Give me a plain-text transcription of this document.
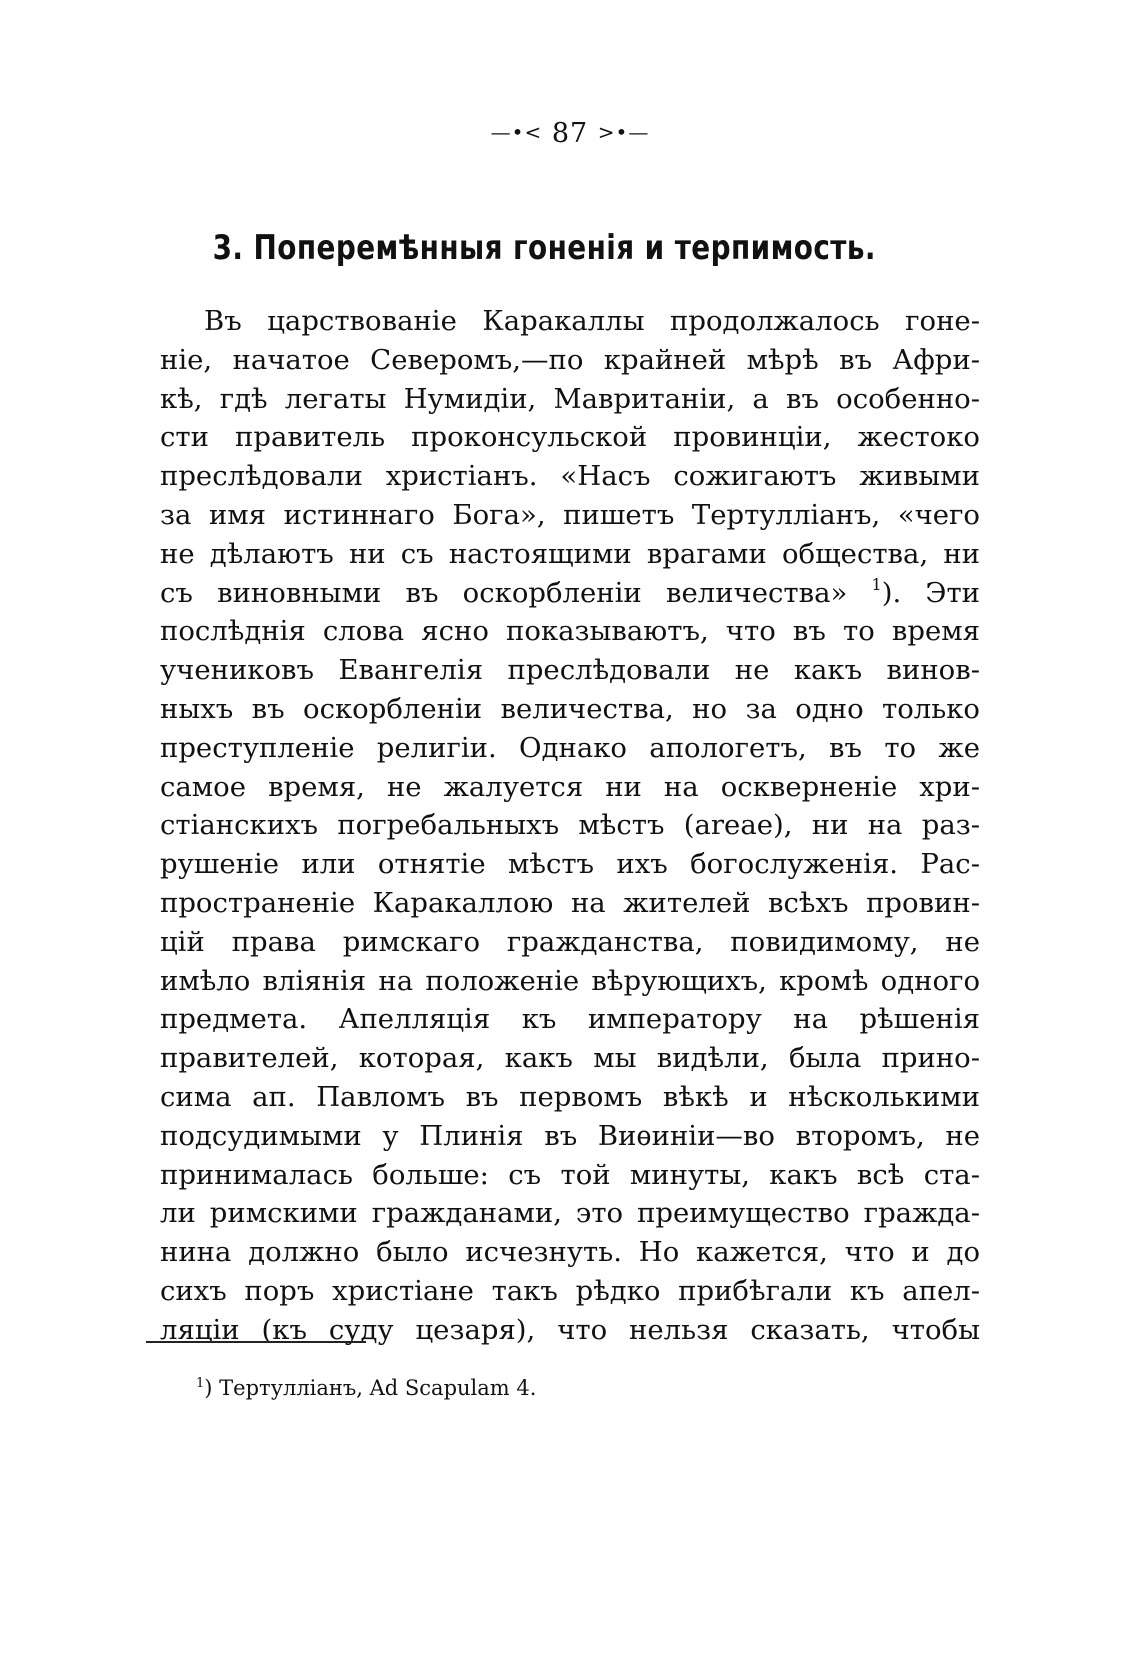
—•< 87 >•—
3. Поперемѣнныя гоненія и терпимость.
Въ царствованіе Каракаллы продолжалось гоне-
ніе, начатое Северомъ,—по крайней мѣрѣ въ Афри-
кѣ, гдѣ легаты Нумидіи, Мавританіи, а въ особенно-
сти правитель проконсульской провинціи, жестоко
преслѣдовали христіанъ. «Насъ сожигаютъ живыми
за имя истиннаго Бога», пишетъ Тертулліанъ, «чего
не дѣлаютъ ни съ настоящими врагами общества, ни
съ виновными въ оскорбленіи величества» $^1$). Эти
послѣднія слова ясно показываютъ, что въ то время
учениковъ Евангелія преслѣдовали не какъ винов-
ныхъ въ оскорбленіи величества, но за одно только
преступленіе религіи. Однако апологетъ, въ то же
самое время, не жалуется ни на оскверненіе хри-
стіанскихъ погребальныхъ мѣстъ (areae), ни на раз-
рушеніе или отнятіе мѣстъ ихъ богослуженія. Рас-
пространеніе Каракаллою на жителей всѣхъ провин-
цій права римскаго гражданства, повидимому, не
имѣло вліянія на положеніе вѣрующихъ, кромѣ одного
предмета. Апелляція къ императору на рѣшенія
правителей, которая, какъ мы видѣли, была прино-
сима ап. Павломъ въ первомъ вѣкѣ и нѣсколькими
подсудимыми у Плинія въ Виѳиніи—во второмъ, не
принималась больше: съ той минуты, какъ всѣ ста-
ли римскими гражданами, это преимущество гражда-
нина должно было исчезнуть. Но кажется, что и до
сихъ поръ христіане такъ рѣдко прибѣгали къ апел-
ляціи (къ суду цезаря), что нельзя сказать, чтобы
$^1$) Тертулліанъ, Ad Scapulam 4.
